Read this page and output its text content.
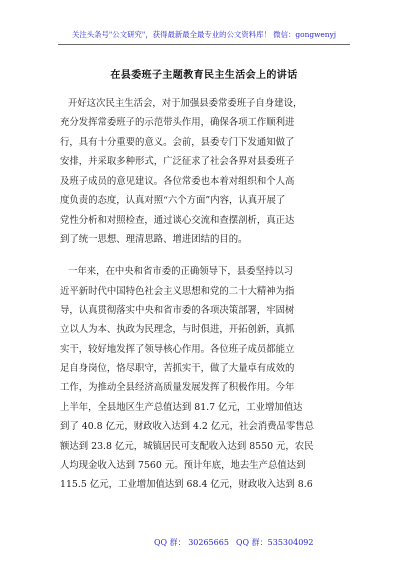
关注头条号"公文研究"，获得最新最全最专业的公文资料库！ 微信：gongwenyj
在县委班子主题教育民主生活会上的讲话
开好这次民主生活会，对于加强县委常委班子自身建设，
充分发挥常委班子的示范带头作用，确保各项工作顺利进
行，具有十分重要的意义。会前，县委专门下发通知做了
安排，并采取多种形式，广泛征求了社会各界对县委班子
及班子成员的意见建议。各位常委也本着对组织和个人高
度负责的态度，认真对照“六个方面”内容，认真开展了
党性分析和对照检查，通过谈心交流和查摆剖析，真正达
到了统一思想、理清思路、增进团结的目的。
一年来，在中央和省市委的正确领导下，县委坚持以习
近平新时代中国特色社会主义思想和党的二十大精神为指
导，认真贯彻落实中央和省市委的各项决策部署，牢固树
立以人为本、执政为民理念，与时俱进，开拓创新，真抓
实干，较好地发挥了领导核心作用。各位班子成员都能立
足自身岗位，恪尽职守，苦抓实干，做了大量卓有成效的
工作，为推动全县经济高质量发展发挥了积极作用。今年
上半年，全县地区生产总值达到 81.7 亿元，工业增加值达
到了 40.8 亿元，财政收入达到 4.2 亿元，社会消费品零售总
额达到 23.8 亿元，城镇居民可支配收入达到 8550 元，农民
人均现金收入达到 7560 元。预计年底，地去生产总值达到
115.5 亿元，工业增加值达到 68.4 亿元，财政收入达到 8.6
QQ 群： 30265665 QQ 群：535304092
